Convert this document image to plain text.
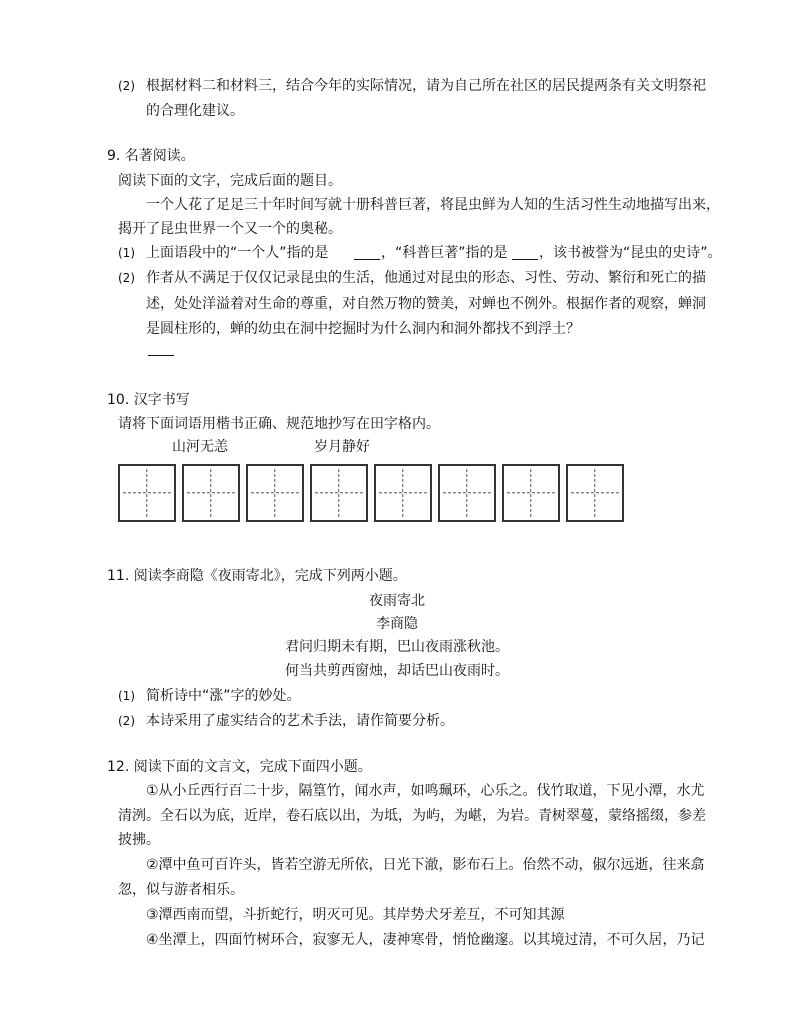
(2) 根据材料二和材料三，结合今年的实际情况，请为自己所在社区的居民提两条有关文明祭祀
的合理化建议。
9. 名著阅读。
阅读下面的文字，完成后面的题目。
一个人花了足足三十年时间写就十册科普巨著，将昆虫鲜为人知的生活习性生动地描写出来，
揭开了昆虫世界一个又一个的奥秘。
(1) 上面语段中的“一个人”指的是	，“科普巨著”指的是 ，该书被誉为“昆虫的史诗”。
(2) 作者从不满足于仅仅记录昆虫的生活，他通过对昆虫的形态、习性、劳动、繁衍和死亡的描
述，处处洋溢着对生命的尊重，对自然万物的赞美，对蝉也不例外。根据作者的观察，蝉洞
是圆柱形的，蝉的幼虫在洞中挖掘时为什么洞内和洞外都找不到浮土？
10. 汉字书写
请将下面词语用楷书正确、规范地抄写在田字格内。
山河无恙	岁月静好
11. 阅读李商隐《夜雨寄北》，完成下列两小题。
夜雨寄北
李商隐
君问归期未有期，巴山夜雨涨秋池。
何当共剪西窗烛，却话巴山夜雨时。
(1) 简析诗中“涨”字的妙处。
(2) 本诗采用了虚实结合的艺术手法，请作简要分析。
12. 阅读下面的文言文，完成下面四小题。
①从小丘西行百二十步，隔篁竹，闻水声，如鸣珮环，心乐之。伐竹取道，下见小潭，水尤
清洌。全石以为底，近岸，卷石底以出，为坻，为屿，为嵁，为岩。青树翠蔓，蒙络摇缀，参差
披拂。
②潭中鱼可百许头，皆若空游无所依，日光下澈，影布石上。佁然不动，俶尔远逝，往来翕
忽，似与游者相乐。
③潭西南而望，斗折蛇行，明灭可见。其岸势犬牙差互，不可知其源
④坐潭上，四面竹树环合，寂寥无人，凄神寒骨，悄怆幽邃。以其境过清，不可久居，乃记
